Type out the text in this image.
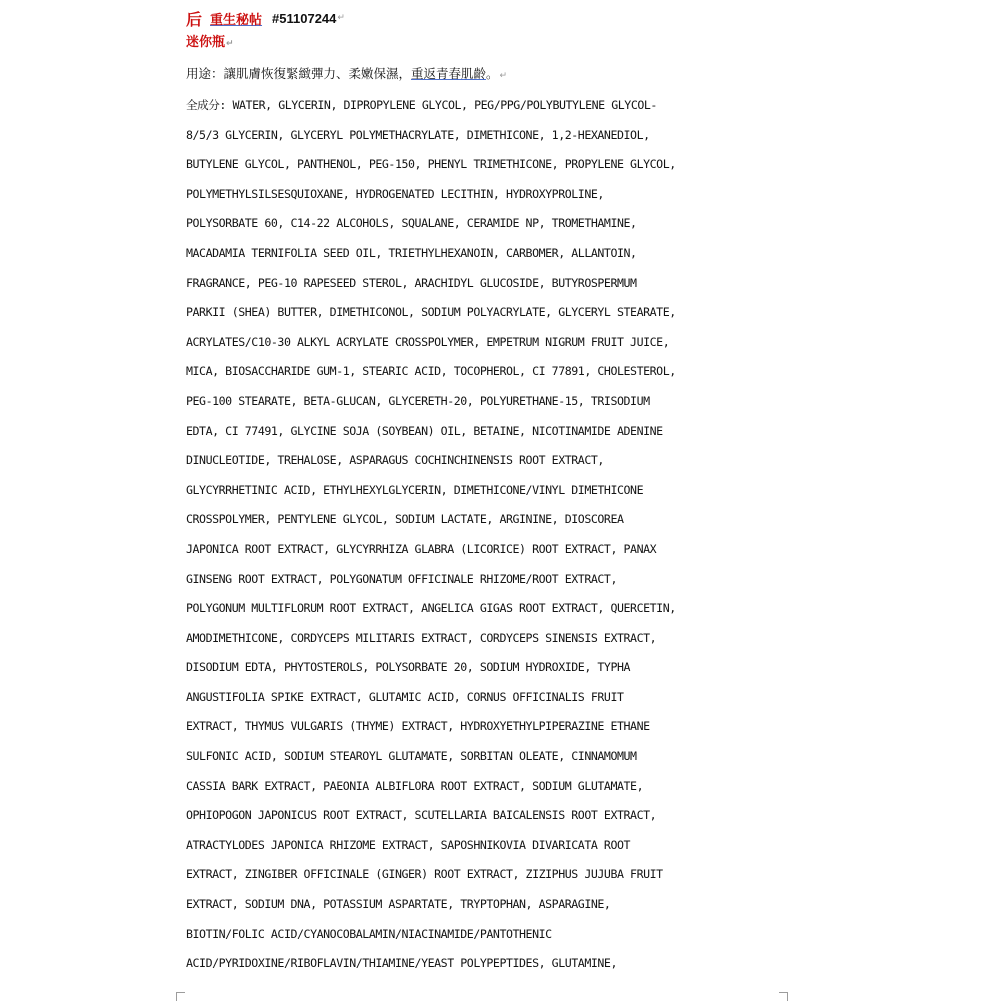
后 重生秘帖 #51107244 ↵
迷你瓶↵
用途：讓肌膚恢復緊緻彈力、柔嫩保濕，重返青春肌齡。↵
全成分: WATER, GLYCERIN, DIPROPYLENE GLYCOL, PEG/PPG/POLYBUTYLENE GLYCOL-
8/5/3 GLYCERIN, GLYCERYL POLYMETHACRYLATE, DIMETHICONE, 1,2-HEXANEDIOL,
BUTYLENE GLYCOL, PANTHENOL, PEG-150, PHENYL TRIMETHICONE, PROPYLENE GLYCOL,
POLYMETHYLSILSESQUIOXANE, HYDROGENATED LECITHIN, HYDROXYPROLINE,
POLYSORBATE 60, C14-22 ALCOHOLS, SQUALANE, CERAMIDE NP, TROMETHAMINE,
MACADAMIA TERNIFOLIA SEED OIL, TRIETHYLHEXANOIN, CARBOMER, ALLANTOIN,
FRAGRANCE, PEG-10 RAPESEED STEROL, ARACHIDYL GLUCOSIDE, BUTYROSPERMUM
PARKII (SHEA) BUTTER, DIMETHICONOL, SODIUM POLYACRYLATE, GLYCERYL STEARATE,
ACRYLATES/C10-30 ALKYL ACRYLATE CROSSPOLYMER, EMPETRUM NIGRUM FRUIT JUICE,
MICA, BIOSACCHARIDE GUM-1, STEARIC ACID, TOCOPHEROL, CI 77891, CHOLESTEROL,
PEG-100 STEARATE, BETA-GLUCAN, GLYCERETH-20, POLYURETHANE-15, TRISODIUM
EDTA, CI 77491, GLYCINE SOJA (SOYBEAN) OIL, BETAINE, NICOTINAMIDE ADENINE
DINUCLEOTIDE, TREHALOSE, ASPARAGUS COCHINCHINENSIS ROOT EXTRACT,
GLYCYRRHETINIC ACID, ETHYLHEXYLGLYCERIN, DIMETHICONE/VINYL DIMETHICONE
CROSSPOLYMER, PENTYLENE GLYCOL, SODIUM LACTATE, ARGININE, DIOSCOREA
JAPONICA ROOT EXTRACT, GLYCYRRHIZA GLABRA (LICORICE) ROOT EXTRACT, PANAX
GINSENG ROOT EXTRACT, POLYGONATUM OFFICINALE RHIZOME/ROOT EXTRACT,
POLYGONUM MULTIFLORUM ROOT EXTRACT, ANGELICA GIGAS ROOT EXTRACT, QUERCETIN,
AMODIMETHICONE, CORDYCEPS MILITARIS EXTRACT, CORDYCEPS SINENSIS EXTRACT,
DISODIUM EDTA, PHYTOSTEROLS, POLYSORBATE 20, SODIUM HYDROXIDE, TYPHA
ANGUSTIFOLIA SPIKE EXTRACT, GLUTAMIC ACID, CORNUS OFFICINALIS FRUIT
EXTRACT, THYMUS VULGARIS (THYME) EXTRACT, HYDROXYETHYLPIPERAZINE ETHANE
SULFONIC ACID, SODIUM STEAROYL GLUTAMATE, SORBITAN OLEATE, CINNAMOMUM
CASSIA BARK EXTRACT, PAEONIA ALBIFLORA ROOT EXTRACT, SODIUM GLUTAMATE,
OPHIOPOGON JAPONICUS ROOT EXTRACT, SCUTELLARIA BAICALENSIS ROOT EXTRACT,
ATRACTYLODES JAPONICA RHIZOME EXTRACT, SAPOSHNIKOVIA DIVARICATA ROOT
EXTRACT, ZINGIBER OFFICINALE (GINGER) ROOT EXTRACT, ZIZIPHUS JUJUBA FRUIT
EXTRACT, SODIUM DNA, POTASSIUM ASPARTATE, TRYPTOPHAN, ASPARAGINE,
BIOTIN/FOLIC ACID/CYANOCOBALAMIN/NIACINAMIDE/PANTOTHENIC
ACID/PYRIDOXINE/RIBOFLAVIN/THIAMINE/YEAST POLYPEPTIDES, GLUTAMINE,
